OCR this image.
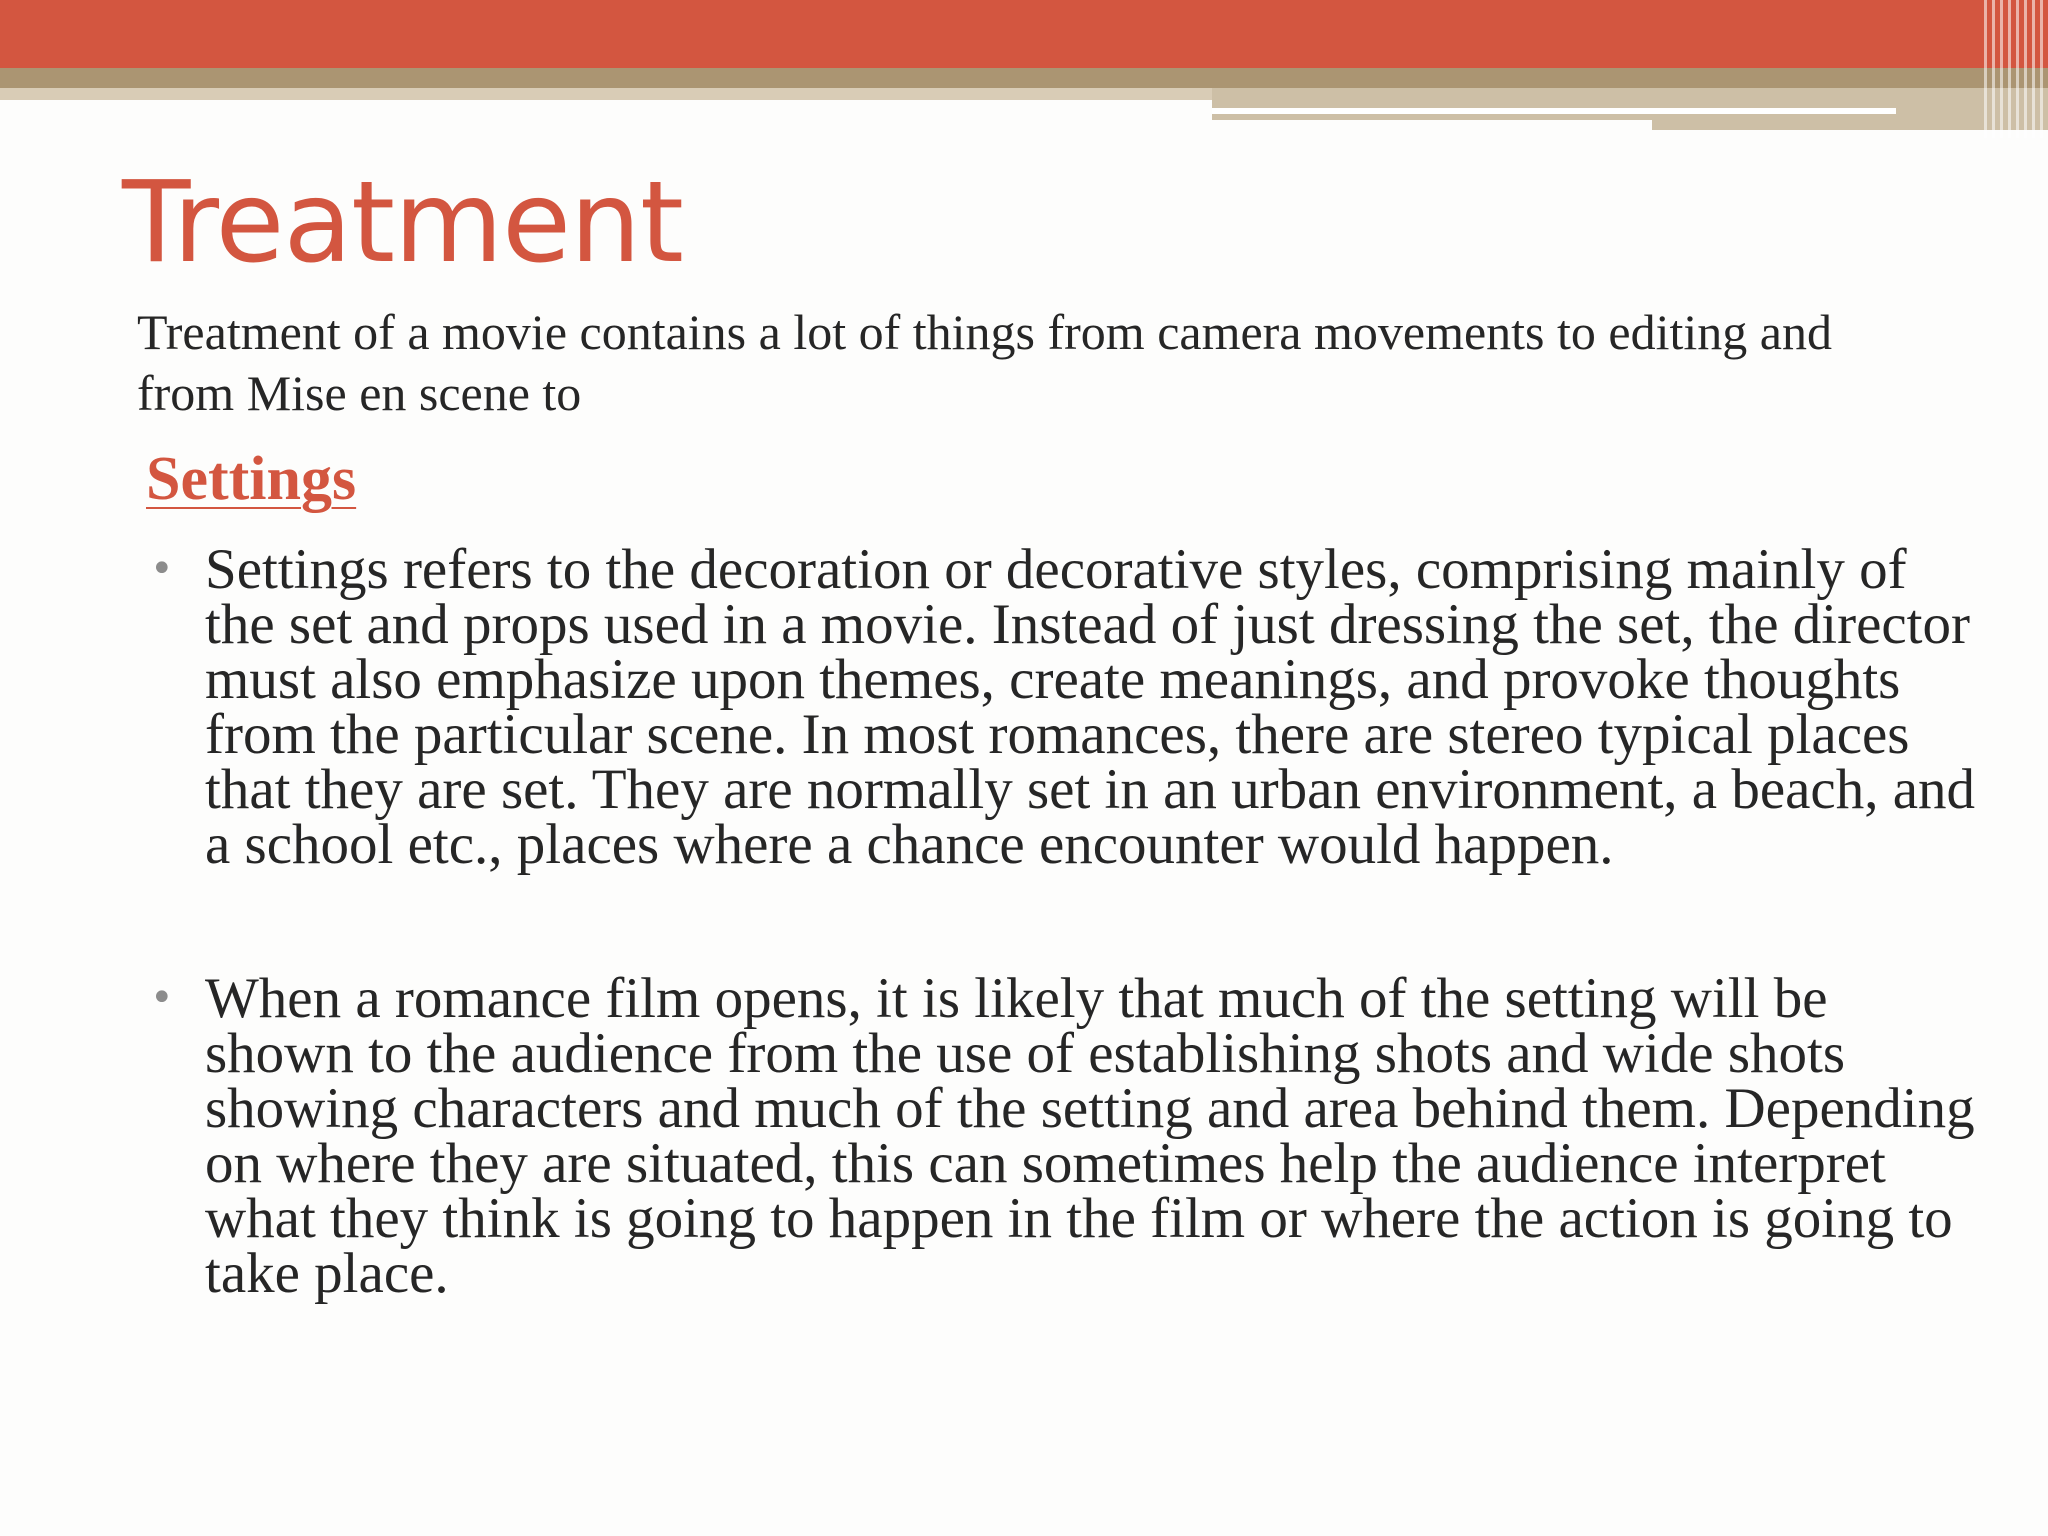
Treatment

Treatment of a movie contains a lot of things from camera movements to editing and from Mise en scene to

Settings
• Settings refers to the decoration or decorative styles, comprising mainly of the set and props used in a movie. Instead of just dressing the set, the director must also emphasize upon themes, create meanings, and provoke thoughts from the particular scene. In most romances, there are stereo typical places that they are set. They are normally set in an urban environment, a beach, and a school etc., places where a chance encounter would happen.
• When a romance film opens, it is likely that much of the setting will be shown to the audience from the use of establishing shots and wide shots showing characters and much of the setting and area behind them. Depending on where they are situated, this can sometimes help the audience interpret what they think is going to happen in the film or where the action is going to take place.
